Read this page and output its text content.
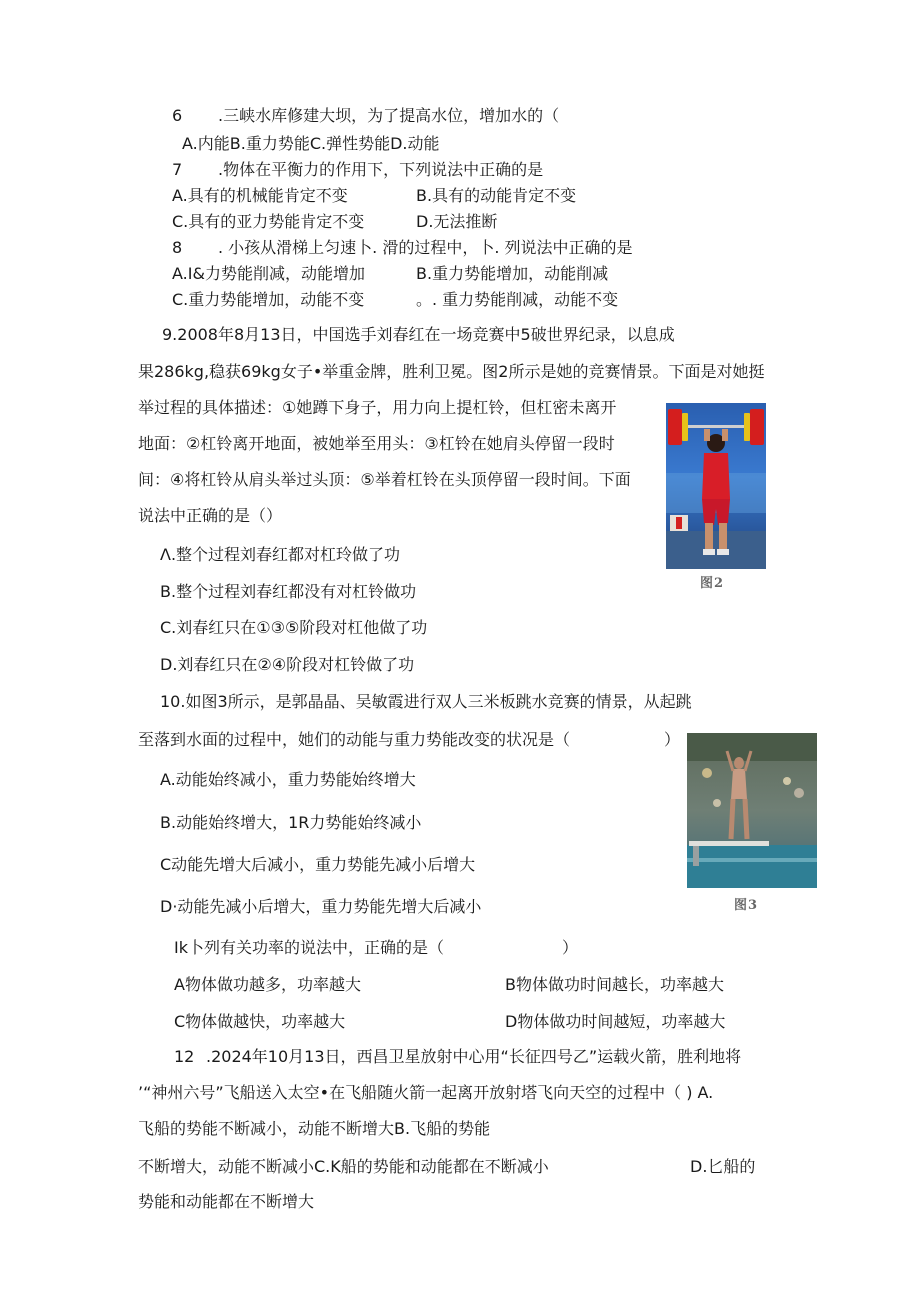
6 .三峡水库修建大坝，为了提高水位，增加水的（
A.内能B.重力势能C.弹性势能D.动能
7 .物体在平衡力的作用下，下列说法中正确的是
A.具有的机械能肯定不变	B.具有的动能肯定不变
C.具有的亚力势能肯定不变	D.无法推断
8 . 小孩从滑梯上匀速卜. 滑的过程中，卜. 列说法中正确的是
A.I&力势能削减，动能增加	B.重力势能增加，动能削减
C.重力势能增加，动能不变	。. 重力势能削减，动能不变
9.2008年8月13日，中国选手刘春红在一场竞赛中5破世界纪录，以息成
果286kg,稳获69kg女子•举重金牌，胜利卫冕。图2所示是她的竞赛情景。下面是对她挺
举过程的具体描述：①她蹲下身子，用力向上提杠铃，但杠密未离开
地面：②杠铃离开地面，被她举至用头：③杠铃在她肩头停留一段时
间：④将杠铃从肩头举过头顶：⑤举着杠铃在头顶停留一段时间。下面
说法中正确的是（）
Λ.整个过程刘春红都对杠玲做了功
B.整个过程刘春红都没有对杠铃做功
C.刘春红只在①③⑤阶段对杠他做了功
D.刘春红只在②④阶段对杠铃做了功
图2
10.如图3所示，是郭晶晶、吴敏霞进行双人三米板跳水竞赛的情景，从起跳
至落到水面的过程中，她们的动能与重力势能改变的状况是（	）
A.动能始终减小，重力势能始终增大
B.动能始终增大，1R力势能始终减小
C动能先增大后减小，重力势能先减小后增大
D·动能先减小后增大，重力势能先增大后减小	图3
Ik卜列有关功率的说法中，正确的是（	）
A物体做功越多，功率越大	B物体做功时间越长，功率越大
C物体做越快，功率越大	D物体做功时间越短，功率越大
12 .2024年10月13日，西昌卫星放射中心用“长征四号乙”运载火箭，胜利地将
’“神州六号”飞船送入太空•在飞船随火箭一起离开放射塔飞向天空的过程中（ ) A.
飞船的势能不断减小，动能不断增大B.飞船的势能
不断增大，动能不断减小C.K船的势能和动能都在不断减小	D.匕船的
势能和动能都在不断增大
